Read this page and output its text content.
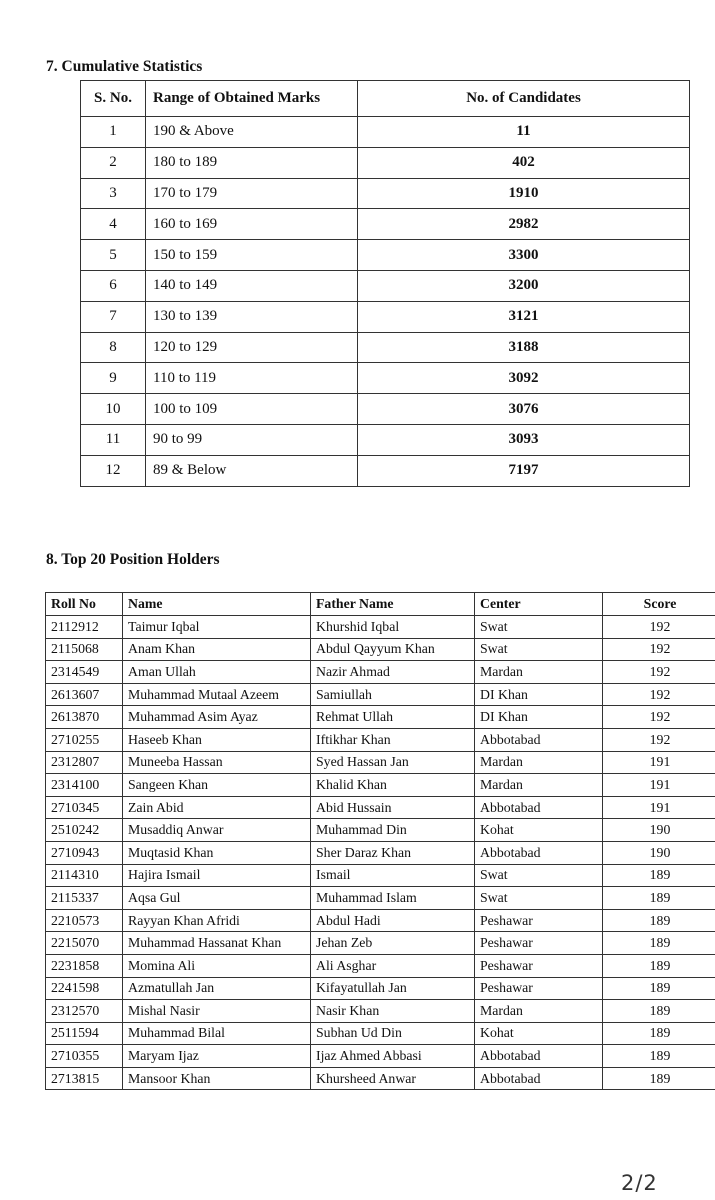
7. Cumulative Statistics
S. No.	Range of Obtained Marks	No. of Candidates
1	190 & Above	11
2	180 to 189	402
3	170 to 179	1910
4	160 to 169	2982
5	150 to 159	3300
6	140 to 149	3200
7	130 to 139	3121
8	120 to 129	3188
9	110 to 119	3092
10	100 to 109	3076
11	90 to 99	3093
12	89 & Below	7197
8. Top 20 Position Holders
Roll No	Name	Father Name	Center	Score
2112912	Taimur Iqbal	Khurshid Iqbal	Swat	192
2115068	Anam Khan	Abdul Qayyum Khan	Swat	192
2314549	Aman Ullah	Nazir Ahmad	Mardan	192
2613607	Muhammad Mutaal Azeem	Samiullah	DI Khan	192
2613870	Muhammad Asim Ayaz	Rehmat Ullah	DI Khan	192
2710255	Haseeb Khan	Iftikhar Khan	Abbotabad	192
2312807	Muneeba Hassan	Syed Hassan Jan	Mardan	191
2314100	Sangeen Khan	Khalid Khan	Mardan	191
2710345	Zain Abid	Abid Hussain	Abbotabad	191
2510242	Musaddiq Anwar	Muhammad Din	Kohat	190
2710943	Muqtasid Khan	Sher Daraz Khan	Abbotabad	190
2114310	Hajira Ismail	Ismail	Swat	189
2115337	Aqsa Gul	Muhammad Islam	Swat	189
2210573	Rayyan Khan Afridi	Abdul Hadi	Peshawar	189
2215070	Muhammad Hassanat Khan	Jehan Zeb	Peshawar	189
2231858	Momina Ali	Ali Asghar	Peshawar	189
2241598	Azmatullah Jan	Kifayatullah Jan	Peshawar	189
2312570	Mishal Nasir	Nasir Khan	Mardan	189
2511594	Muhammad Bilal	Subhan Ud Din	Kohat	189
2710355	Maryam Ijaz	Ijaz Ahmed Abbasi	Abbotabad	189
2713815	Mansoor Khan	Khursheed Anwar	Abbotabad	189
2/2
